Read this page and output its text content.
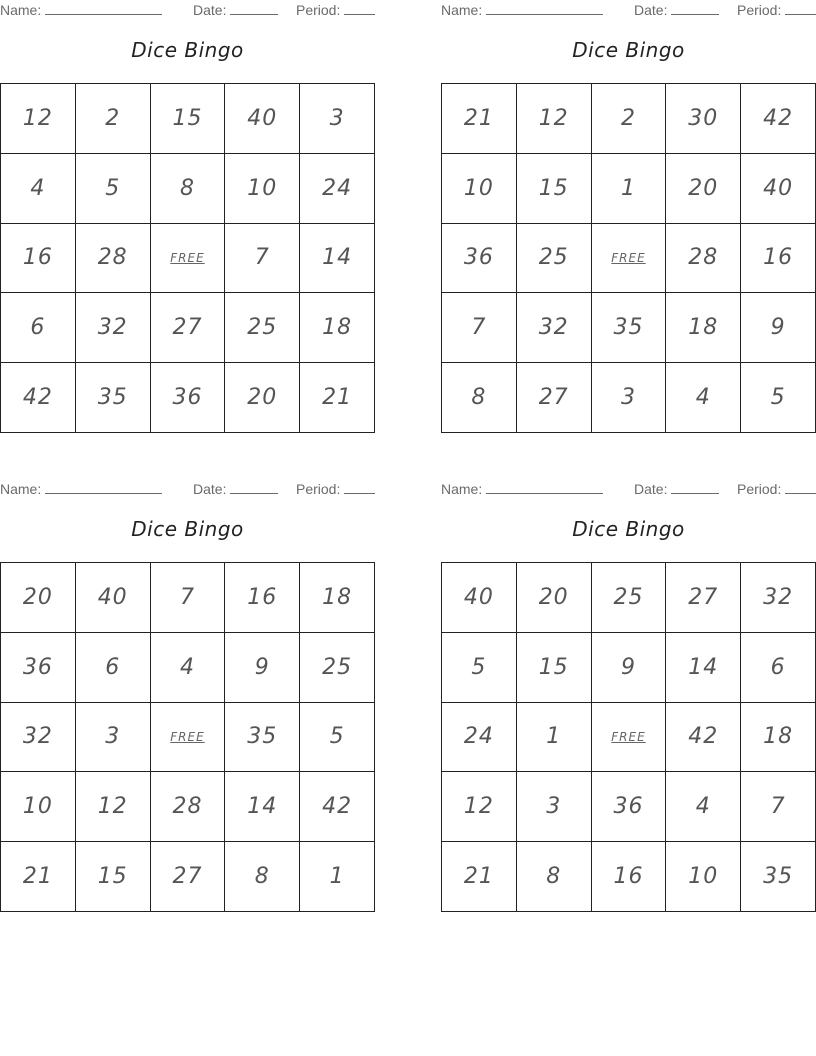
Name:	Date:	Period:
Dice Bingo
12	2	15	40	3
4	5	8	10	24
16	28	FREE	7	14
6	32	27	25	18
42	35	36	20	21
Name:	Date:	Period:
Dice Bingo
21	12	2	30	42
10	15	1	20	40
36	25	FREE	28	16
7	32	35	18	9
8	27	3	4	5
Name:	Date:	Period:
Dice Bingo
20	40	7	16	18
36	6	4	9	25
32	3	FREE	35	5
10	12	28	14	42
21	15	27	8	1
Name:	Date:	Period:
Dice Bingo
40	20	25	27	32
5	15	9	14	6
24	1	FREE	42	18
12	3	36	4	7
21	8	16	10	35
